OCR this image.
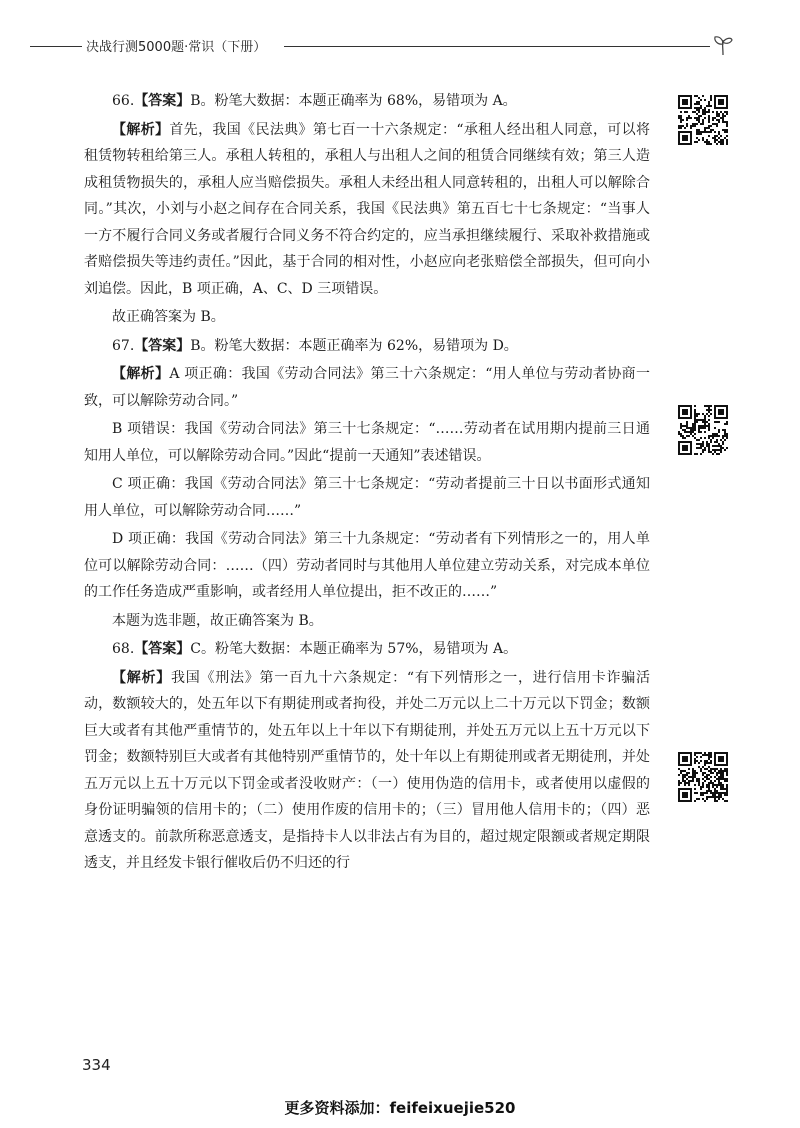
决战行测5000题·常识（下册）

66.【答案】B。粉笔大数据：本题正确率为 68%，易错项为 A。

【解析】首先，我国《民法典》第七百一十六条规定：“承租人经出租人同意，可以将租赁物转租给第三人。承租人转租的，承租人与出租人之间的租赁合同继续有效；第三人造成租赁物损失的，承租人应当赔偿损失。承租人未经出租人同意转租的，出租人可以解除合同。”其次，小刘与小赵之间存在合同关系，我国《民法典》第五百七十七条规定：“当事人一方不履行合同义务或者履行合同义务不符合约定的，应当承担继续履行、采取补救措施或者赔偿损失等违约责任。”因此，基于合同的相对性，小赵应向老张赔偿全部损失，但可向小刘追偿。因此，B 项正确，A、C、D 三项错误。

故正确答案为 B。

67.【答案】B。粉笔大数据：本题正确率为 62%，易错项为 D。

【解析】A 项正确：我国《劳动合同法》第三十六条规定：“用人单位与劳动者协商一致，可以解除劳动合同。”

B 项错误：我国《劳动合同法》第三十七条规定：“……劳动者在试用期内提前三日通知用人单位，可以解除劳动合同。”因此“提前一天通知”表述错误。

C 项正确：我国《劳动合同法》第三十七条规定：“劳动者提前三十日以书面形式通知用人单位，可以解除劳动合同……”

D 项正确：我国《劳动合同法》第三十九条规定：“劳动者有下列情形之一的，用人单位可以解除劳动合同：……（四）劳动者同时与其他用人单位建立劳动关系，对完成本单位的工作任务造成严重影响，或者经用人单位提出，拒不改正的……”

本题为选非题，故正确答案为 B。

68.【答案】C。粉笔大数据：本题正确率为 57%，易错项为 A。

【解析】我国《刑法》第一百九十六条规定：“有下列情形之一，进行信用卡诈骗活动，数额较大的，处五年以下有期徒刑或者拘役，并处二万元以上二十万元以下罚金；数额巨大或者有其他严重情节的，处五年以上十年以下有期徒刑，并处五万元以上五十万元以下罚金；数额特别巨大或者有其他特别严重情节的，处十年以上有期徒刑或者无期徒刑，并处五万元以上五十万元以下罚金或者没收财产：（一）使用伪造的信用卡，或者使用以虚假的身份证明骗领的信用卡的；（二）使用作废的信用卡的；（三）冒用他人信用卡的；（四）恶意透支的。前款所称恶意透支，是指持卡人以非法占有为目的，超过规定限额或者规定期限透支，并且经发卡银行催收后仍不归还的行

334
更多资料添加：feifeixuejie520
